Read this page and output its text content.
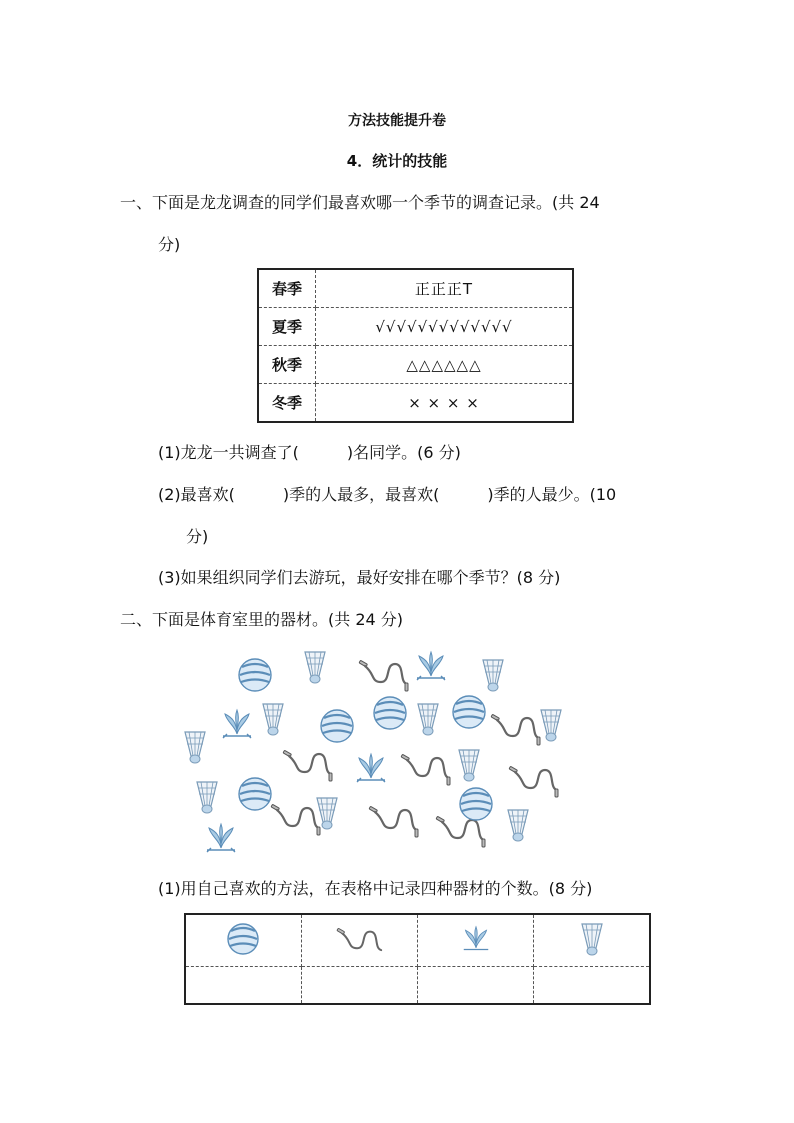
方法技能提升卷
4．统计的技能
一、下面是龙龙调查的同学们最喜欢哪一个季节的调查记录。(共 24
分)
春季	正正正T
夏季	√√√√√√√√√√√√√
秋季	△△△△△△
冬季	× × × ×
(1)龙龙一共调查了(　　　)名同学。(6 分)
(2)最喜欢(　　　)季的人最多，最喜欢(　　　)季的人最少。(10
分)
(3)如果组织同学们去游玩，最好安排在哪个季节？(8 分)
二、下面是体育室里的器材。(共 24 分)
(1)用自己喜欢的方法，在表格中记录四种器材的个数。(8 分)
